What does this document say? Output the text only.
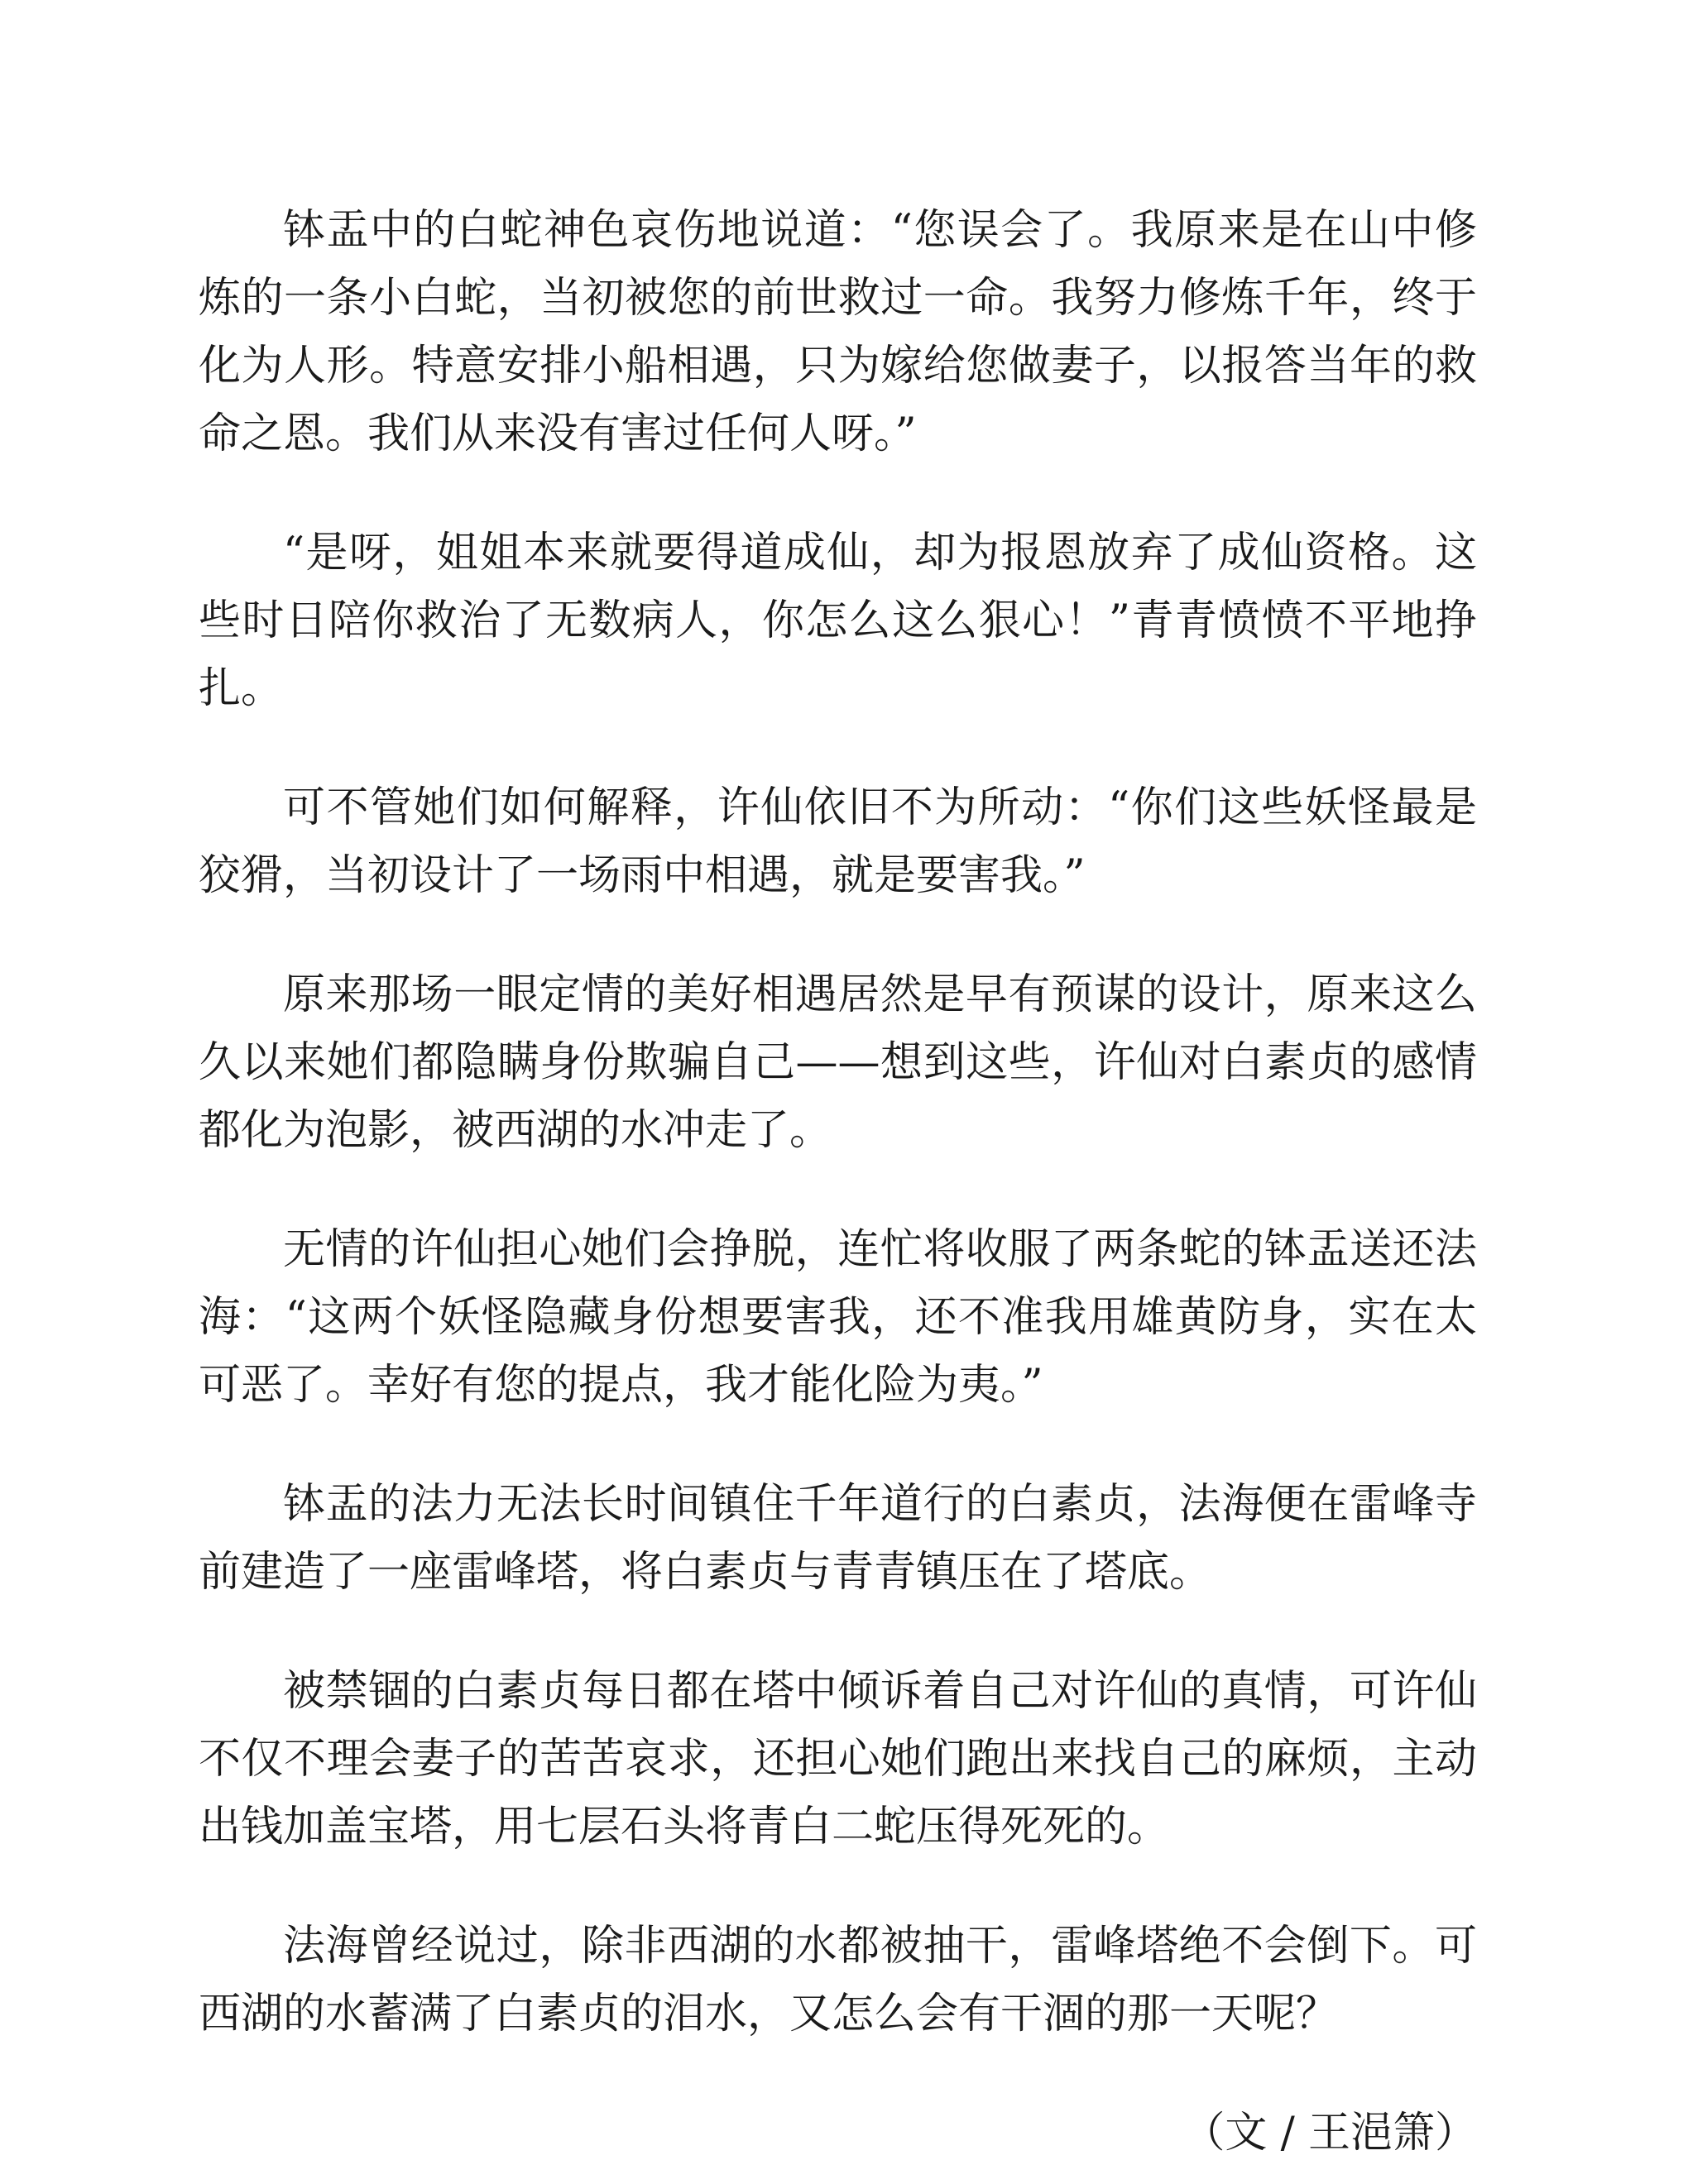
钵盂中的白蛇神色哀伤地说道：“您误会了。我原来是在山中修炼的一条小白蛇，当初被您的前世救过一命。我努力修炼千年，终于化为人形。特意安排小船相遇，只为嫁给您做妻子，以报答当年的救命之恩。我们从来没有害过任何人呀。”

“是呀，姐姐本来就要得道成仙，却为报恩放弃了成仙资格。这些时日陪你救治了无数病人，你怎么这么狠心！”青青愤愤不平地挣扎。

可不管她们如何解释，许仙依旧不为所动：“你们这些妖怪最是狡猾，当初设计了一场雨中相遇，就是要害我。”

原来那场一眼定情的美好相遇居然是早有预谋的设计，原来这么久以来她们都隐瞒身份欺骗自己——想到这些，许仙对白素贞的感情都化为泡影，被西湖的水冲走了。

无情的许仙担心她们会挣脱，连忙将收服了两条蛇的钵盂送还法海：“这两个妖怪隐藏身份想要害我，还不准我用雄黄防身，实在太可恶了。幸好有您的提点，我才能化险为夷。”

钵盂的法力无法长时间镇住千年道行的白素贞，法海便在雷峰寺前建造了一座雷峰塔，将白素贞与青青镇压在了塔底。

被禁锢的白素贞每日都在塔中倾诉着自己对许仙的真情，可许仙不仅不理会妻子的苦苦哀求，还担心她们跑出来找自己的麻烦，主动出钱加盖宝塔，用七层石头将青白二蛇压得死死的。

法海曾经说过，除非西湖的水都被抽干，雷峰塔绝不会倒下。可西湖的水蓄满了白素贞的泪水，又怎么会有干涸的那一天呢？

（文 / 王浥箫）
